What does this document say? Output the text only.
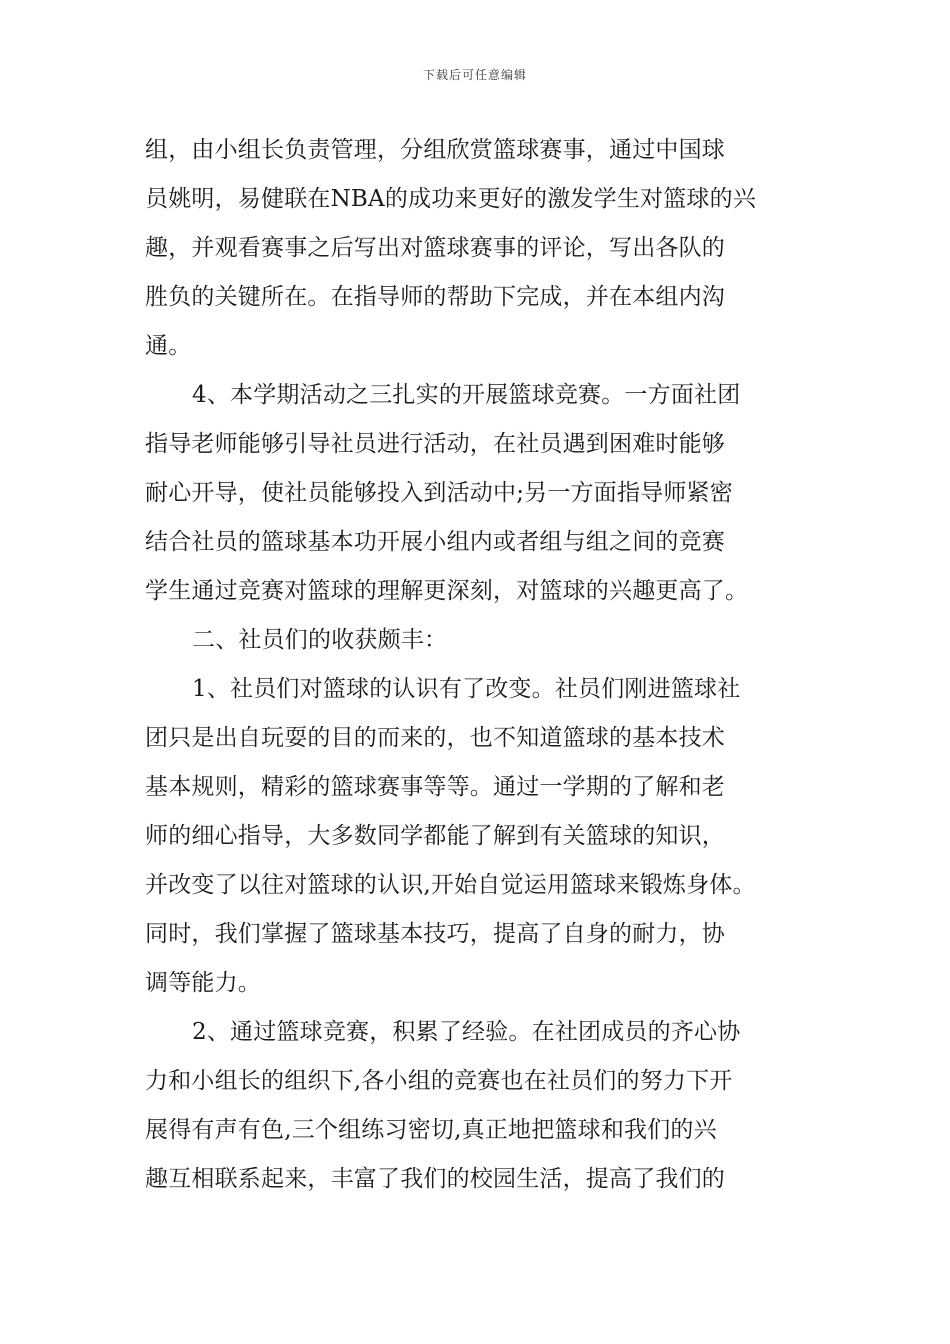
下载后可任意编辑
组，由小组长负责管理，分组欣赏篮球赛事，通过中国球
员姚明，易健联在NBA的成功来更好的激发学生对篮球的兴
趣，并观看赛事之后写出对篮球赛事的评论，写出各队的
胜负的关键所在。在指导师的帮助下完成，并在本组内沟
通。
4、本学期活动之三扎实的开展篮球竞赛。一方面社团
指导老师能够引导社员进行活动，在社员遇到困难时能够
耐心开导，使社员能够投入到活动中;另一方面指导师紧密
结合社员的篮球基本功开展小组内或者组与组之间的竞赛
学生通过竞赛对篮球的理解更深刻，对篮球的兴趣更高了。
二、社员们的收获颇丰：
1、社员们对篮球的认识有了改变。社员们刚进篮球社
团只是出自玩耍的目的而来的，也不知道篮球的基本技术
基本规则，精彩的篮球赛事等等。通过一学期的了解和老
师的细心指导，大多数同学都能了解到有关篮球的知识，
并改变了以往对篮球的认识,开始自觉运用篮球来锻炼身体。
同时，我们掌握了篮球基本技巧，提高了自身的耐力，协
调等能力。
2、通过篮球竞赛，积累了经验。在社团成员的齐心协
力和小组长的组织下,各小组的竞赛也在社员们的努力下开
展得有声有色,三个组练习密切,真正地把篮球和我们的兴
趣互相联系起来，丰富了我们的校园生活，提高了我们的
